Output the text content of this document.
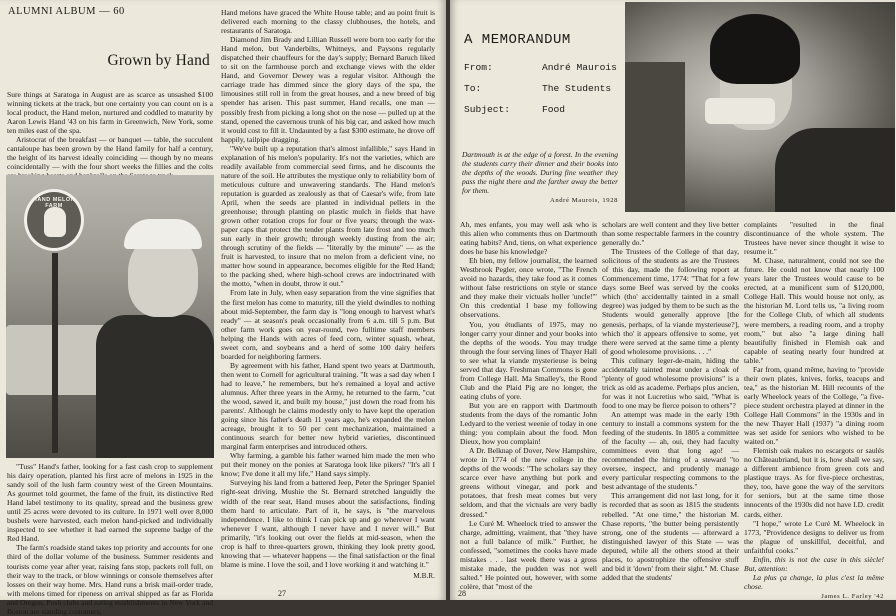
ALUMNI ALBUM — 60
Grown by Hand

Sure things at Saratoga in August are as scarce as unsashed $100 winning tickets at the track, but one certainty you can count on is a local product, the Hand melon, nurtured and coddled to maturity by Aaron Lewis Hand '43 on his farm in Greenwich, New York, some ten miles east of the spa.

Aristocrat of the breakfast — or banquet — table, the succulent cantaloupe has been grown by the Hand family for half a century, the height of its harvest ideally coinciding — though by no means coincidentally — with the four short weeks the fillies and the colts

HAND MELON FARM

"Tuss" Hand's father, looking for a fast cash crop to supplement his dairy operation, planted his first acre of melons in 1925 in the sandy soil of the lush farm country west of the Green Mountains. As gourmet told gourmet, the fame of the fruit, its distinctive Red Hand label testimony to its quality, spread and the business grew until 25 acres were devoted to its culture. In 1971 well over 8,000 bushels were harvested, each melon hand-picked and individually inspected to see whether it had earned the supreme badge of the Red Hand.

The farm's roadside stand takes top priority and accounts for one third of the dollar volume of the business. Summer residents and tourists come year after year, raising fans stop, packets roll full, on their way to the track, or blow winnings or console themselves after losses on their way home. Mrs. Hand runs a brisk mail-order trade, with melons timed for ripeness on arrival shipped as far as Florida and Oregon. Posh clubs and eating establishments in New York and Boston are standing customers;

Hand melons have graced the White House table; and au point fruit is delivered each morning to the classy clubhouses, the hotels, and restaurants of Saratoga.

Diamond Jim Brady and Lillian Russell were born too early for the Hand melon, but Vanderbilts, Whitneys, and Paysons regularly dispatched their chauffeurs for the day's supply; Bernard Baruch liked to sit on the farmhouse porch and exchange views with the elder Hand, and Governor Dewey was a regular visitor. Although the carriage trade has dimmed since the glory days of the spa, the limousines still roll in from the great houses, and a new breed of big spender has arisen. This past summer, Hand recalls, one man — possibly fresh from picking a long shot on the nose — pulled up at the stand, opened the cavernous trunk of his big car, and asked how much it would cost to fill it. Undaunted by a fast $300 estimate, he drove off happily, tailpipe dragging.

"We've built up a reputation that's almost infallible," says Hand in explanation of his melon's popularity. It's not the varieties, which are readily available from commercial seed firms, and he discounts the nature of the soil. He attributes the mystique only to reliability born of meticulous culture and unwavering standards. The Hand melon's reputation is guarded as zealously as that of Caesar's wife, from late April, when the seeds are planted in individual pellets in the greenhouse; through planting on plastic mulch in fields that have grown other rotation crops for four or five years; through the wax-paper caps that protect the tender plants from late frost and too much sun early in their growth; through weekly dusting from the air; through scrutiny of the fields — "literally by the minute" — as the fruit is harvested, to insure that no melon from a deficient vine, no matter how sound in appearance, becomes eligible for the Red Hand; to the packing shed, where high-school crews are indoctrinated with the motto, "when in doubt, throw it out."

From late in July, when easy separation from the vine signifies that the first melon has come to maturity, till the yield dwindles to nothing about mid-September, the farm day is "long enough to harvest what's ready" — at season's peak occasionally from 6 a.m. till 5 p.m. But other farm work goes on year-round, two fulltime staff members helping the Hands with acres of feed corn, winter squash, wheat, sweet corn, and soybeans and a herd of some 100 dairy heifers boarded for neighboring farmers.

By agreement with his father, Hand spent two years at Dartmouth, then went to Cornell for agricultural training. "It was a sad day when I had to leave," he remembers, but he's remained a loyal and active alumnus. After three years in the Army, he returned to the farm, "cut the wood, sawed it, and built my house," just down the road from his parents'. Although he claims modestly only to have kept the operation going since his father's death 11 years ago, he's expanded the melon acreage, brought it to 50 per cent mechanization, maintained a continuous search for better new hybrid varieties, discontinued marginal farm enterprises and introduced others.

Why farming, a gamble his father warned him made the men who put their money on the ponies at Saratoga look like pikers? "It's all I know; I've done it all my life," Hand says simply.

Surveying his land from a battered Jeep, Peter the Springer Spaniel right-seat driving, Mushie the St. Bernard stretched languidly the width of the rear seat, Hand muses about the satisfactions, finding them hard to articulate. Part of it, he says, is "the marvelous independence. I like to think I can pick up and go wherever I want whenever I want, although I never have and I never will." But primarily, "it's looking out over the fields at mid-season, when the crop is half to three-quarters grown, thinking they look pretty good, knowing that — whatever happens — the final satisfaction or the final blame is mine. I love the soil, and I love working it and watching it."

M.B.R.
27
A MEMORANDUM
From:	André Maurois
To:	The Students
Subject:	Food

Dartmouth is at the edge of a forest. In the evening the students carry their dinner and their books into the depths of the woods. During fine weather they pass the night there and the farther away the better for them.

André Maurois, 1928

Ah, mes enfants, you may well ask who is this alien who comments thus on Dartmouth eating habits? And, tiens, on what experience does he base his knowledge?

Eh bien, my fellow journalist, the learned Westbrook Pegler, once wrote, "The French avoid no hazards, they take food as it comes without false restrictions on style or stance and they make their victuals holler 'uncle!'" On this credential I base my following observations.

You, you étudiants of 1975, may no longer carry your dinner and your books into the depths of the woods. You may trudge through the four serving lines of Thayer Hall to see what la viande mysterieuse is being served that day. Freshman Commons is gone from College Hall. Ma Smalley's, the Rood Club and the Plaid Pig are no longer, the eating clubs of yore.

But you are en rapport with Dartmouth students from the days of the romantic John Ledyard to the veriest weenie of today in one thing: you complain about the food. Mon Dieux, how you complain!

A Dr. Belknap of Dover, New Hampshire, wrote in 1774 of the new college in the depths of the woods: "The scholars say they scarce ever have anything but pork and greens without vinegar, and pork and potatoes, that fresh meat comes but very seldom, and that the victuals are very badly dressed."

Le Curé M. Wheelock tried to answer the charge, admitting, vraiment, that "they have not a full balance of milk." Further, he confessed, "sometimes the cooks have made mistakes . . . last week there was a gross mistake made, the pudden was not well salted." He pointed out, however, with some colère, that "most of the

scholars are well content and they live better than some respectable farmers in the country generally do."

The Trustees of the College of that day, solicitous of the students as are the Trustees of this day, made the following report at Commencement time, 1774: "That for a few days some Beef was served by the cooks which (tho' accidentally tainted in a small degree) was judged by them to be such as the Students would generally approve [the genesis, perhaps, of la viande mysterieuse?], which tho' it appears offensive to some, yet there were served at the same time a plenty of good wholesome provisions. . . ."

This culinary leger-de-main, hiding the accidentally tainted meat under a cloak of "plenty of good wholesome provisions" is a trick as old as academe. Perhaps plus ancien, for was it not Lucretius who said, "What is food to one may be fierce poison to others"?

An attempt was made in the early 19th century to install a commons system for the feeding of the students. In 1805 a committee of the faculty — ah, oui, they had faculty committees even that long ago! — recommended the hiring of a steward "to oversee, inspect, and prudently manage every particular respecting commons to the best advantage of the students."

This arrangement did not last long, for it is recorded that as soon as 1815 the students rebelled. "At one time," the historian M. Chase reports, "the butter being persistently strong, one of the students — afterward a distinguished lawyer of this State — was deputed, while all the others stood at their places, to apostrophize the offensive stuff and bid it 'down' from their sight." M. Chase added that the students'

complaints "resulted in the final discontinuance of the whole system. The Trustees have never since thought it wise to resume it."

M. Chase, naturalment, could not see the future. He could not know that nearly 100 years later the Trustees would cause to be erected, at a munificent sum of $120,000, College Hall. This would house not only, as the historian M. Lord tells us, "a living room for the College Club, of which all students were members, a reading room, and a trophy room," but also "a large dining hall beautifully finished in Flemish oak and capable of seating nearly four hundred at table."

Far from, quand même, having to "provide their own plates, knives, forks, teacups and tea," as the historian M. Hill recounts of the early Wheelock years of the College, "a five-piece student orchestra played at dinner in the College Hall Commons" in the 1930s and in the new Thayer Hall (1937) "a dining room was set aside for seniors who wished to be waited on."

Flemish oak makes no escargots or saulés no Châteaubriand, but it is, how shall we say, a different ambience from green cots and plastique trays. As for five-piece orchestras, they, too, have gone the way of the servitors for seniors, but at the same time those innocents of the 1930s did not have I.D. credit cards, either.

"I hope," wrote Le Curé M. Wheelock in 1773, "Providence designs to deliver us from the plague of unskillful, deceitful, and unfaithful cooks."

Enfin, this is not the case in this siècle! But, attention:

La plus ça change, la plus c'est la même chose.

James L. Farley '42
28
